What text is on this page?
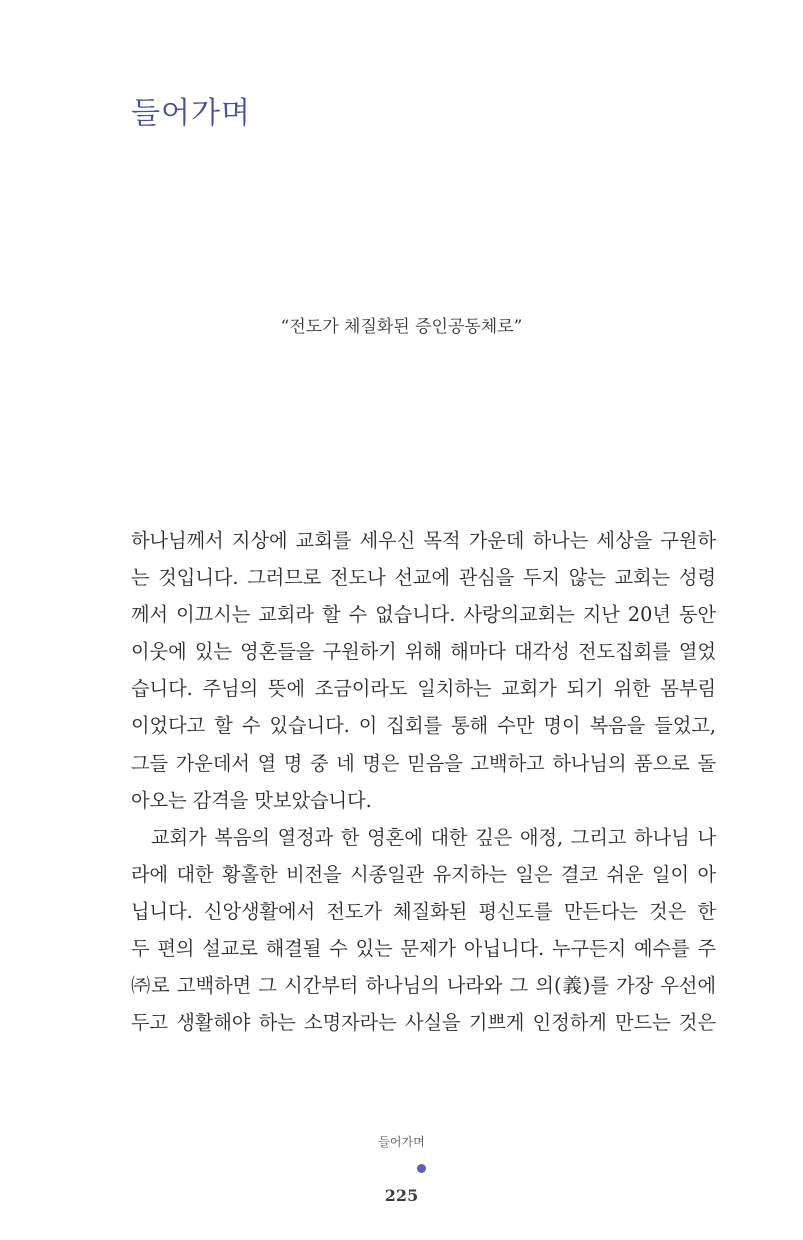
들어가며
“전도가 체질화된 증인공동체로”
하나님께서 지상에 교회를 세우신 목적 가운데 하나는 세상을 구원하
는 것입니다. 그러므로 전도나 선교에 관심을 두지 않는 교회는 성령
께서 이끄시는 교회라 할 수 없습니다. 사랑의교회는 지난 20년 동안
이웃에 있는 영혼들을 구원하기 위해 해마다 대각성 전도집회를 열었
습니다. 주님의 뜻에 조금이라도 일치하는 교회가 되기 위한 몸부림
이었다고 할 수 있습니다. 이 집회를 통해 수만 명이 복음을 들었고,
그들 가운데서 열 명 중 네 명은 믿음을 고백하고 하나님의 품으로 돌
아오는 감격을 맛보았습니다.
교회가 복음의 열정과 한 영혼에 대한 깊은 애정, 그리고 하나님 나
라에 대한 황홀한 비전을 시종일관 유지하는 일은 결코 쉬운 일이 아
닙니다. 신앙생활에서 전도가 체질화된 평신도를 만든다는 것은 한
두 편의 설교로 해결될 수 있는 문제가 아닙니다. 누구든지 예수를 주
㈜로 고백하면 그 시간부터 하나님의 나라와 그 의(義)를 가장 우선에
두고 생활해야 하는 소명자라는 사실을 기쁘게 인정하게 만드는 것은
들어가며
225
